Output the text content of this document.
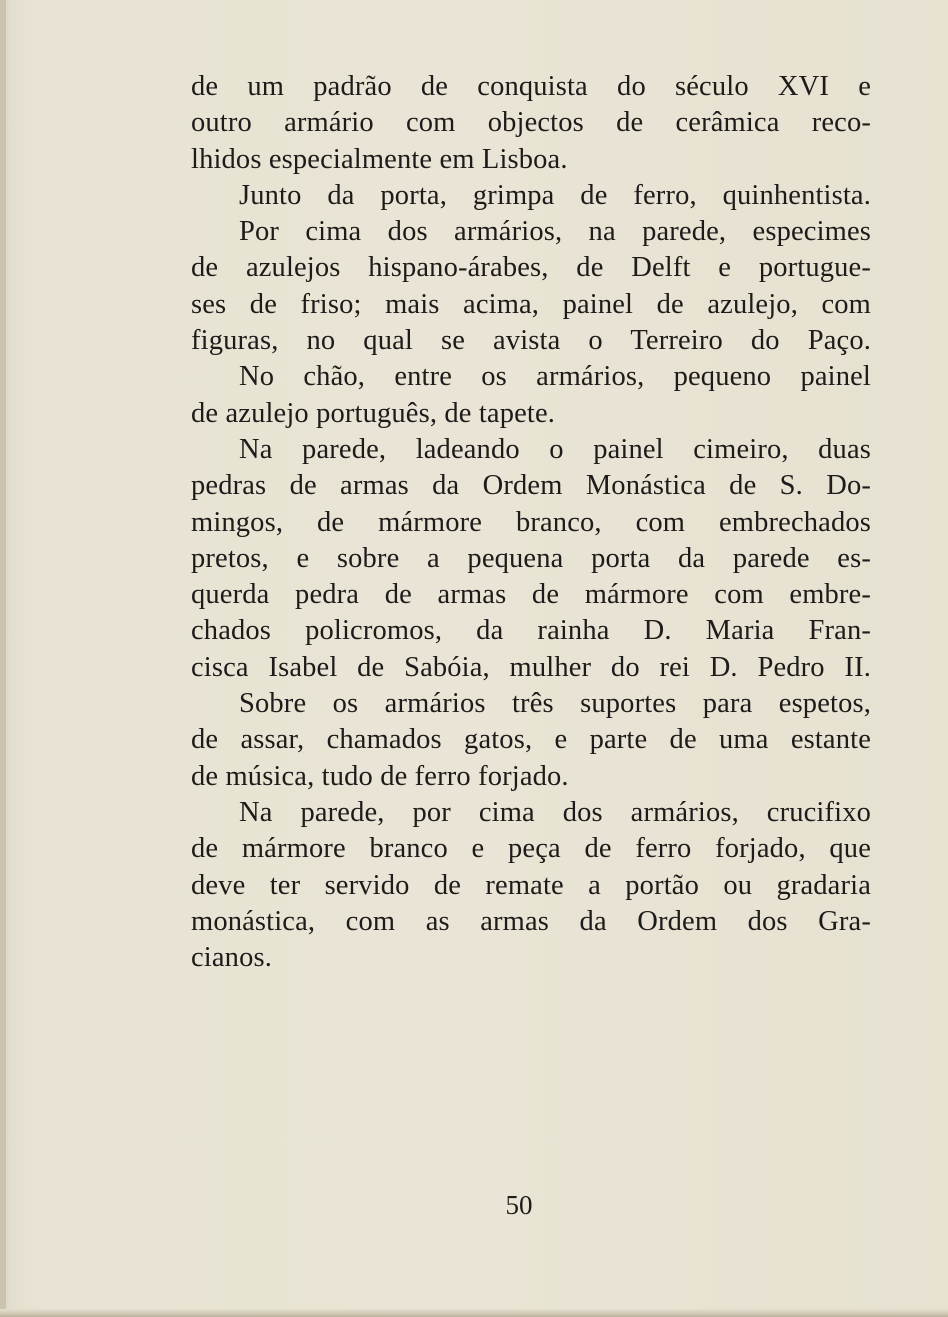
de um padrão de conquista do século XVI e
outro armário com objectos de cerâmica reco-
lhidos especialmente em Lisboa.
Junto da porta, grimpa de ferro, quinhentista.
Por cima dos armários, na parede, especimes
de azulejos hispano-árabes, de Delft e portugue-
ses de friso; mais acima, painel de azulejo, com
figuras, no qual se avista o Terreiro do Paço.
No chão, entre os armários, pequeno painel
de azulejo português, de tapete.
Na parede, ladeando o painel cimeiro, duas
pedras de armas da Ordem Monástica de S. Do-
mingos, de mármore branco, com embrechados
pretos, e sobre a pequena porta da parede es-
querda pedra de armas de mármore com embre-
chados policromos, da rainha D. Maria Fran-
cisca Isabel de Sabóia, mulher do rei D. Pedro II.
Sobre os armários três suportes para espetos,
de assar, chamados gatos, e parte de uma estante
de música, tudo de ferro forjado.
Na parede, por cima dos armários, crucifixo
de mármore branco e peça de ferro forjado, que
deve ter servido de remate a portão ou gradaria
monástica, com as armas da Ordem dos Gra-
cianos.
50
